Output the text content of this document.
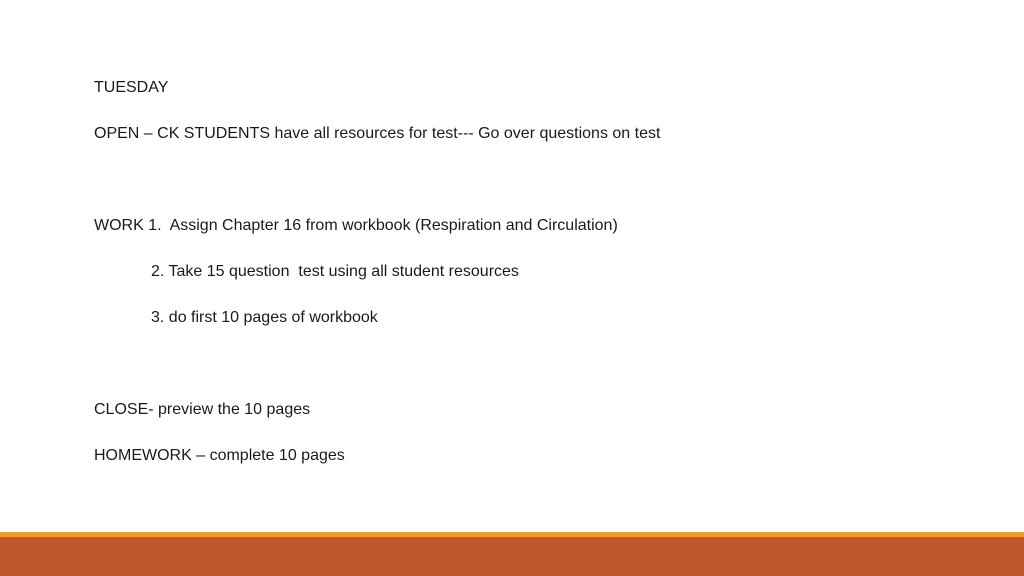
TUESDAY
OPEN – CK STUDENTS have all resources for test--- Go over questions on test
WORK 1.  Assign Chapter 16 from workbook (Respiration and Circulation)
2. Take 15 question  test using all student resources
3. do first 10 pages of workbook
CLOSE- preview the 10 pages
HOMEWORK – complete 10 pages
